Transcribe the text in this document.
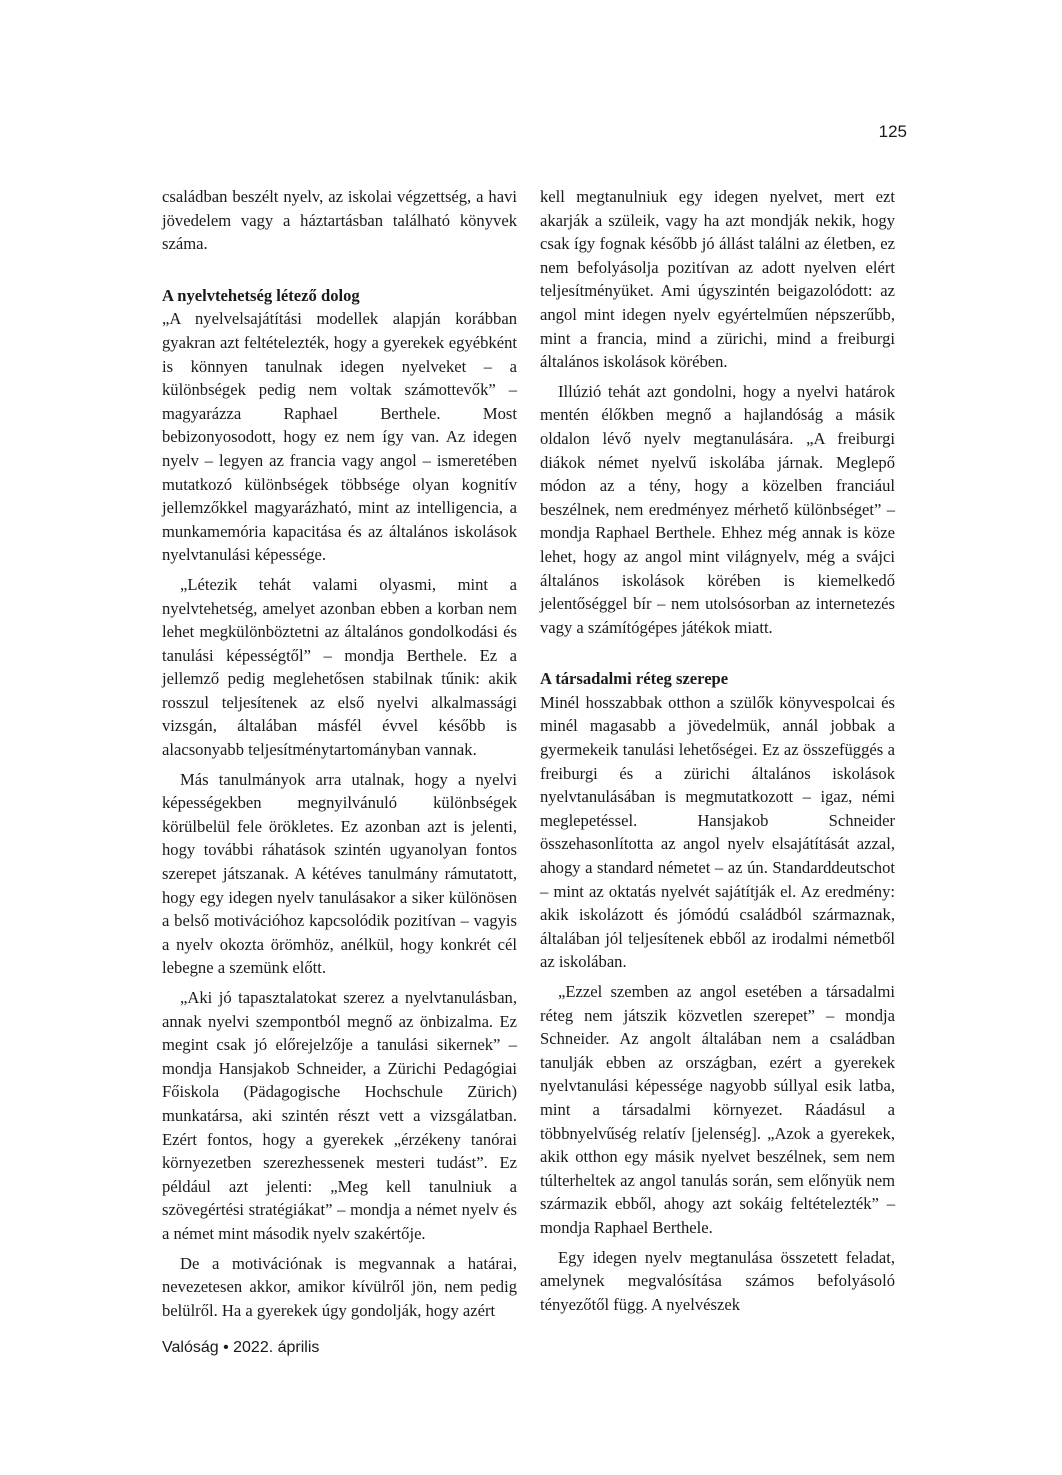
125

családban beszélt nyelv, az iskolai végzettség, a havi jövedelem vagy a háztartásban található könyvek száma.

A nyelvtehetség létező dolog

„A nyelvelsajátítási modellek alapján korábban gyakran azt feltételezték, hogy a gyerekek egyébként is könnyen tanulnak idegen nyelveket – a különbségek pedig nem voltak számottevők” – magyarázza Raphael Berthele. Most bebizonyosodott, hogy ez nem így van. Az idegen nyelv – legyen az francia vagy angol – ismeretében mutatkozó különbségek többsége olyan kognitív jellemzőkkel magyarázható, mint az intelligencia, a munkamemória kapacitása és az általános iskolások nyelvtanulási képessége.

„Létezik tehát valami olyasmi, mint a nyelvtehetség, amelyet azonban ebben a korban nem lehet megkülönböztetni az általános gondolkodási és tanulási képességtől” – mondja Berthele. Ez a jellemző pedig meglehetősen stabilnak tűnik: akik rosszul teljesítenek az első nyelvi alkalmassági vizsgán, általában másfél évvel később is alacsonyabb teljesítménytartományban vannak.

Más tanulmányok arra utalnak, hogy a nyelvi képességekben megnyilvánuló különbségek körülbelül fele örökletes. Ez azonban azt is jelenti, hogy további ráhatások szintén ugyanolyan fontos szerepet játszanak. A kétéves tanulmány rámutatott, hogy egy idegen nyelv tanulásakor a siker különösen a belső motivációhoz kapcsolódik pozitívan – vagyis a nyelv okozta örömhöz, anélkül, hogy konkrét cél lebegne a szemünk előtt.

„Aki jó tapasztalatokat szerez a nyelvtanulásban, annak nyelvi szempontból megnő az önbizalma. Ez megint csak jó előrejelzője a tanulási sikernek” – mondja Hansjakob Schneider, a Zürichi Pedagógiai Főiskola (Pädagogische Hochschule Zürich) munkatársa, aki szintén részt vett a vizsgálatban. Ezért fontos, hogy a gyerekek „érzékeny tanórai környezetben szerezhessenek mesteri tudást”. Ez például azt jelenti: „Meg kell tanulniuk a szövegértési stratégiákat” – mondja a német nyelv és a német mint második nyelv szakértője.

De a motivációnak is megvannak a határai, nevezetesen akkor, amikor kívülről jön, nem pedig belülről. Ha a gyerekek úgy gondolják, hogy azért

kell megtanulniuk egy idegen nyelvet, mert ezt akarják a szüleik, vagy ha azt mondják nekik, hogy csak így fognak később jó állást találni az életben, ez nem befolyásolja pozitívan az adott nyelven elért teljesítményüket. Ami úgyszintén beigazolódott: az angol mint idegen nyelv egyértelműen népszerűbb, mint a francia, mind a zürichi, mind a freiburgi általános iskolások körében.

Illúzió tehát azt gondolni, hogy a nyelvi határok mentén élőkben megnő a hajlandóság a másik oldalon lévő nyelv megtanulására. „A freiburgi diákok német nyelvű iskolába járnak. Meglepő módon az a tény, hogy a közelben franciául beszélnek, nem eredményez mérhető különbséget” – mondja Raphael Berthele. Ehhez még annak is köze lehet, hogy az angol mint világnyelv, még a svájci általános iskolások körében is kiemelkedő jelentőséggel bír – nem utolsósorban az internetezés vagy a számítógépes játékok miatt.

A társadalmi réteg szerepe

Minél hosszabbak otthon a szülők könyvespolcai és minél magasabb a jövedelmük, annál jobbak a gyermekeik tanulási lehetőségei. Ez az összefüggés a freiburgi és a zürichi általános iskolások nyelvtanulásában is megmutatkozott – igaz, némi meglepetéssel. Hansjakob Schneider összehasonlította az angol nyelv elsajátítását azzal, ahogy a standard németet – az ún. Standarddeutschot – mint az oktatás nyelvét sajátítják el. Az eredmény: akik iskolázott és jómódú családból származnak, általában jól teljesítenek ebből az irodalmi németből az iskolában.

„Ezzel szemben az angol esetében a társadalmi réteg nem játszik közvetlen szerepet” – mondja Schneider. Az angolt általában nem a családban tanulják ebben az országban, ezért a gyerekek nyelvtanulási képessége nagyobb súllyal esik latba, mint a társadalmi környezet. Ráadásul a többnyelvűség relatív [jelenség]. „Azok a gyerekek, akik otthon egy másik nyelvet beszélnek, sem nem túlterheltek az angol tanulás során, sem előnyük nem származik ebből, ahogy azt sokáig feltételezték” – mondja Raphael Berthele.

Egy idegen nyelv megtanulása összetett feladat, amelynek megvalósítása számos befolyásoló tényezőtől függ. A nyelvészek

Valóság • 2022. április
